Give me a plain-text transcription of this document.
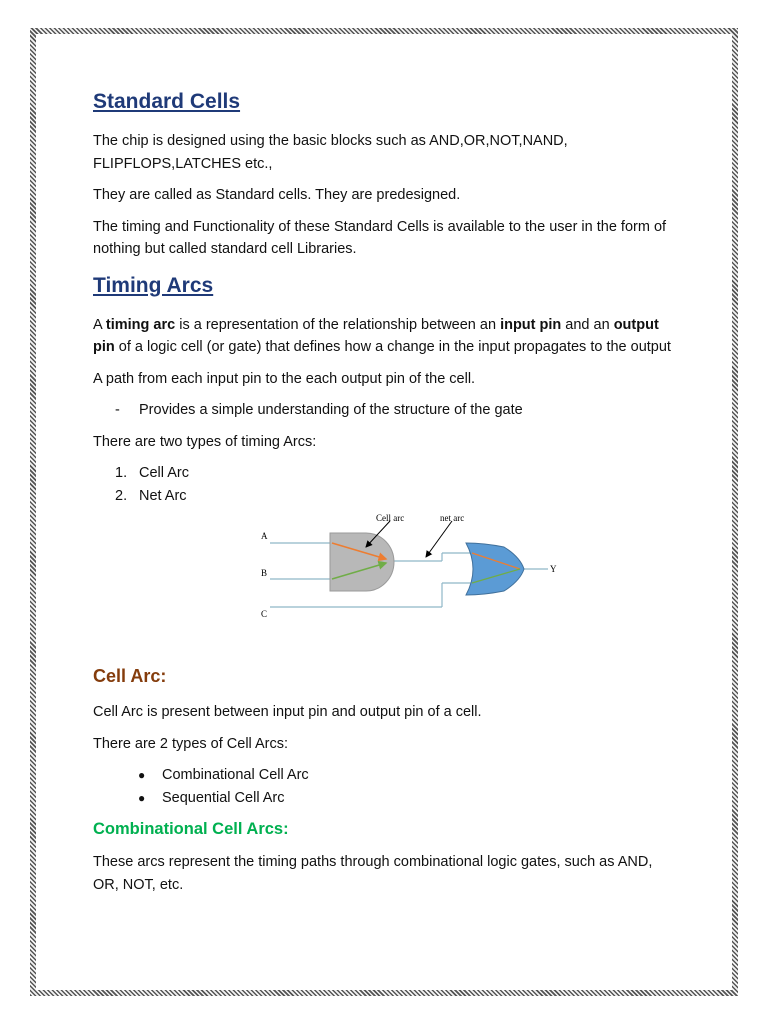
Standard Cells

The chip is designed using the basic blocks such as AND,OR,NOT,NAND, FLIPFLOPS,LATCHES etc.,

They are called as Standard cells. They are predesigned.

The timing and Functionality of these Standard Cells is available to the user in the form of nothing but called standard cell Libraries.

Timing Arcs

A timing arc is a representation of the relationship between an input pin and an output pin of a logic cell (or gate) that defines how a change in the input propagates to the output

A path from each input pin to the each output pin of the cell.

- Provides a simple understanding of the structure of the gate

There are two types of timing Arcs:

1. Cell Arc
2. Net Arc
Cell arc	net arc
A
B
C
Y
Cell Arc:

Cell Arc is present between input pin and output pin of a cell.

There are 2 types of Cell Arcs:

● Combinational Cell Arc
● Sequential Cell Arc
Combinational Cell Arcs:

These arcs represent the timing paths through combinational logic gates, such as AND, OR, NOT, etc.
